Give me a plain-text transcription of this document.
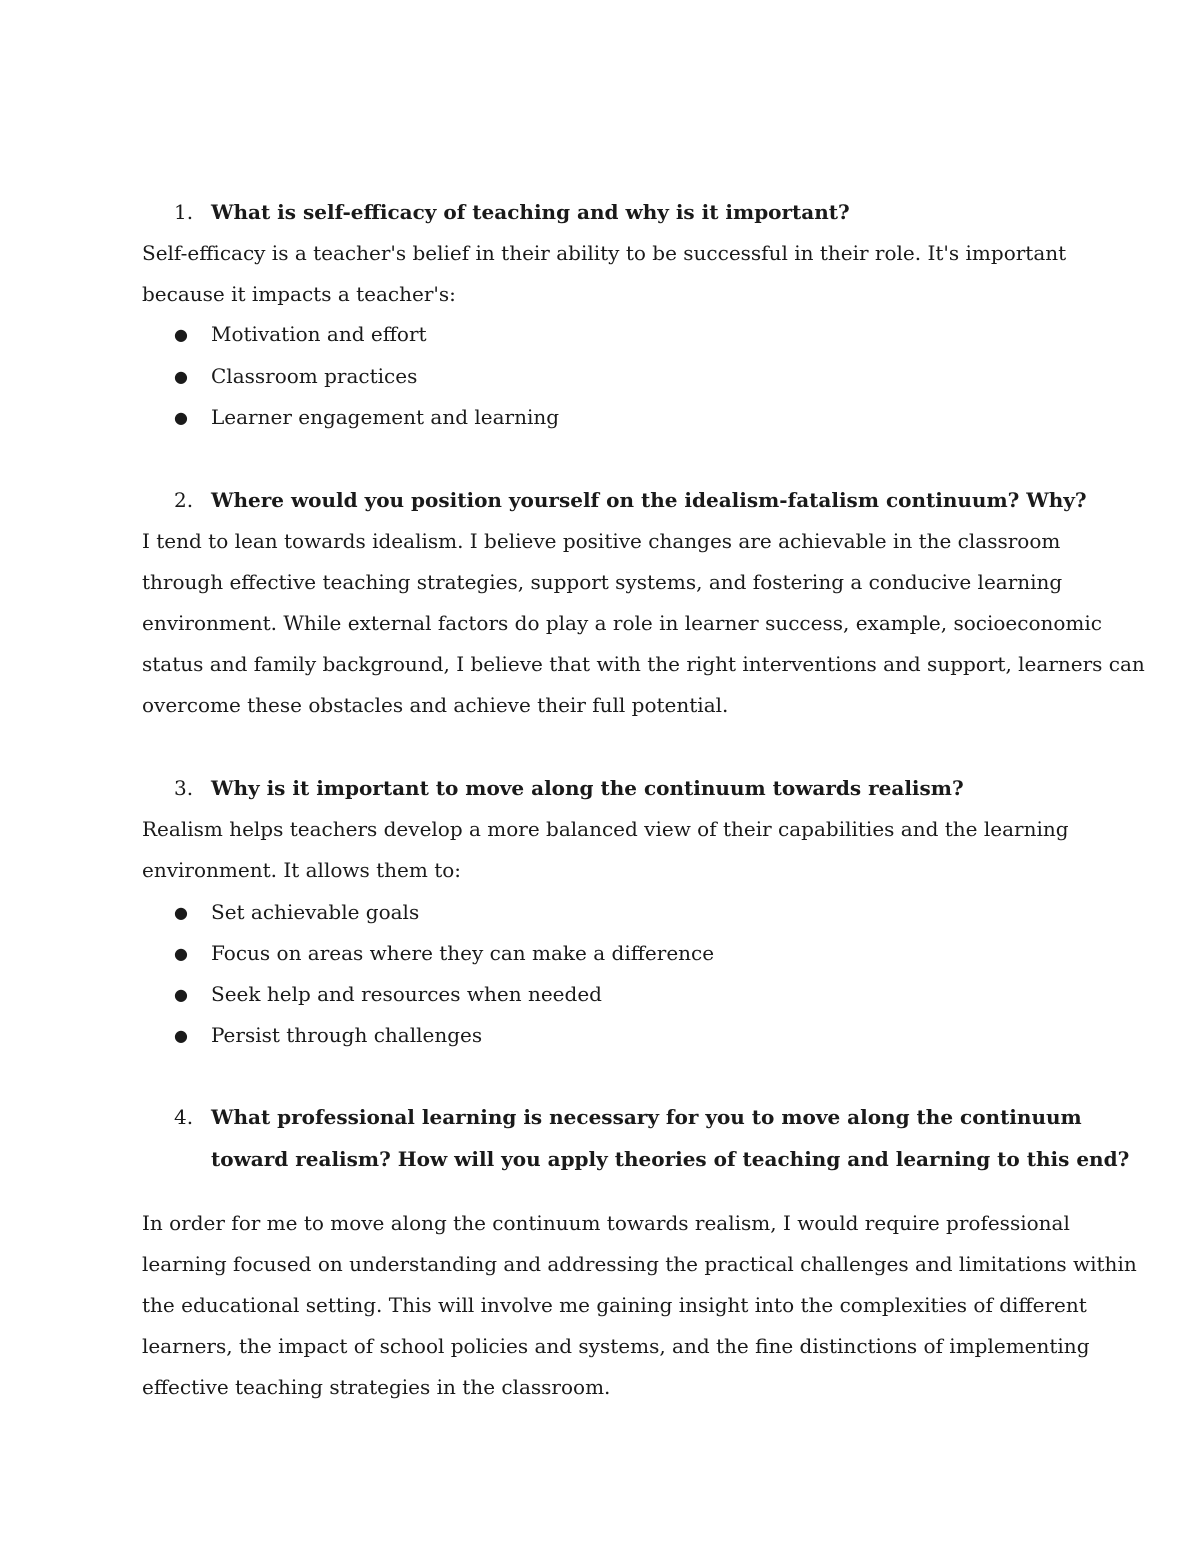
1. What is self-efficacy of teaching and why is it important?
Self-efficacy is a teacher's belief in their ability to be successful in their role. It's important
because it impacts a teacher's:
● Motivation and effort
● Classroom practices
● Learner engagement and learning
2. Where would you position yourself on the idealism-fatalism continuum? Why?
I tend to lean towards idealism. I believe positive changes are achievable in the classroom
through effective teaching strategies, support systems, and fostering a conducive learning
environment. While external factors do play a role in learner success, example, socioeconomic
status and family background, I believe that with the right interventions and support, learners can
overcome these obstacles and achieve their full potential.
3. Why is it important to move along the continuum towards realism?
Realism helps teachers develop a more balanced view of their capabilities and the learning
environment. It allows them to:
● Set achievable goals
● Focus on areas where they can make a difference
● Seek help and resources when needed
● Persist through challenges
4. What professional learning is necessary for you to move along the continuum
toward realism? How will you apply theories of teaching and learning to this end?
In order for me to move along the continuum towards realism, I would require professional
learning focused on understanding and addressing the practical challenges and limitations within
the educational setting. This will involve me gaining insight into the complexities of different
learners, the impact of school policies and systems, and the fine distinctions of implementing
effective teaching strategies in the classroom.
